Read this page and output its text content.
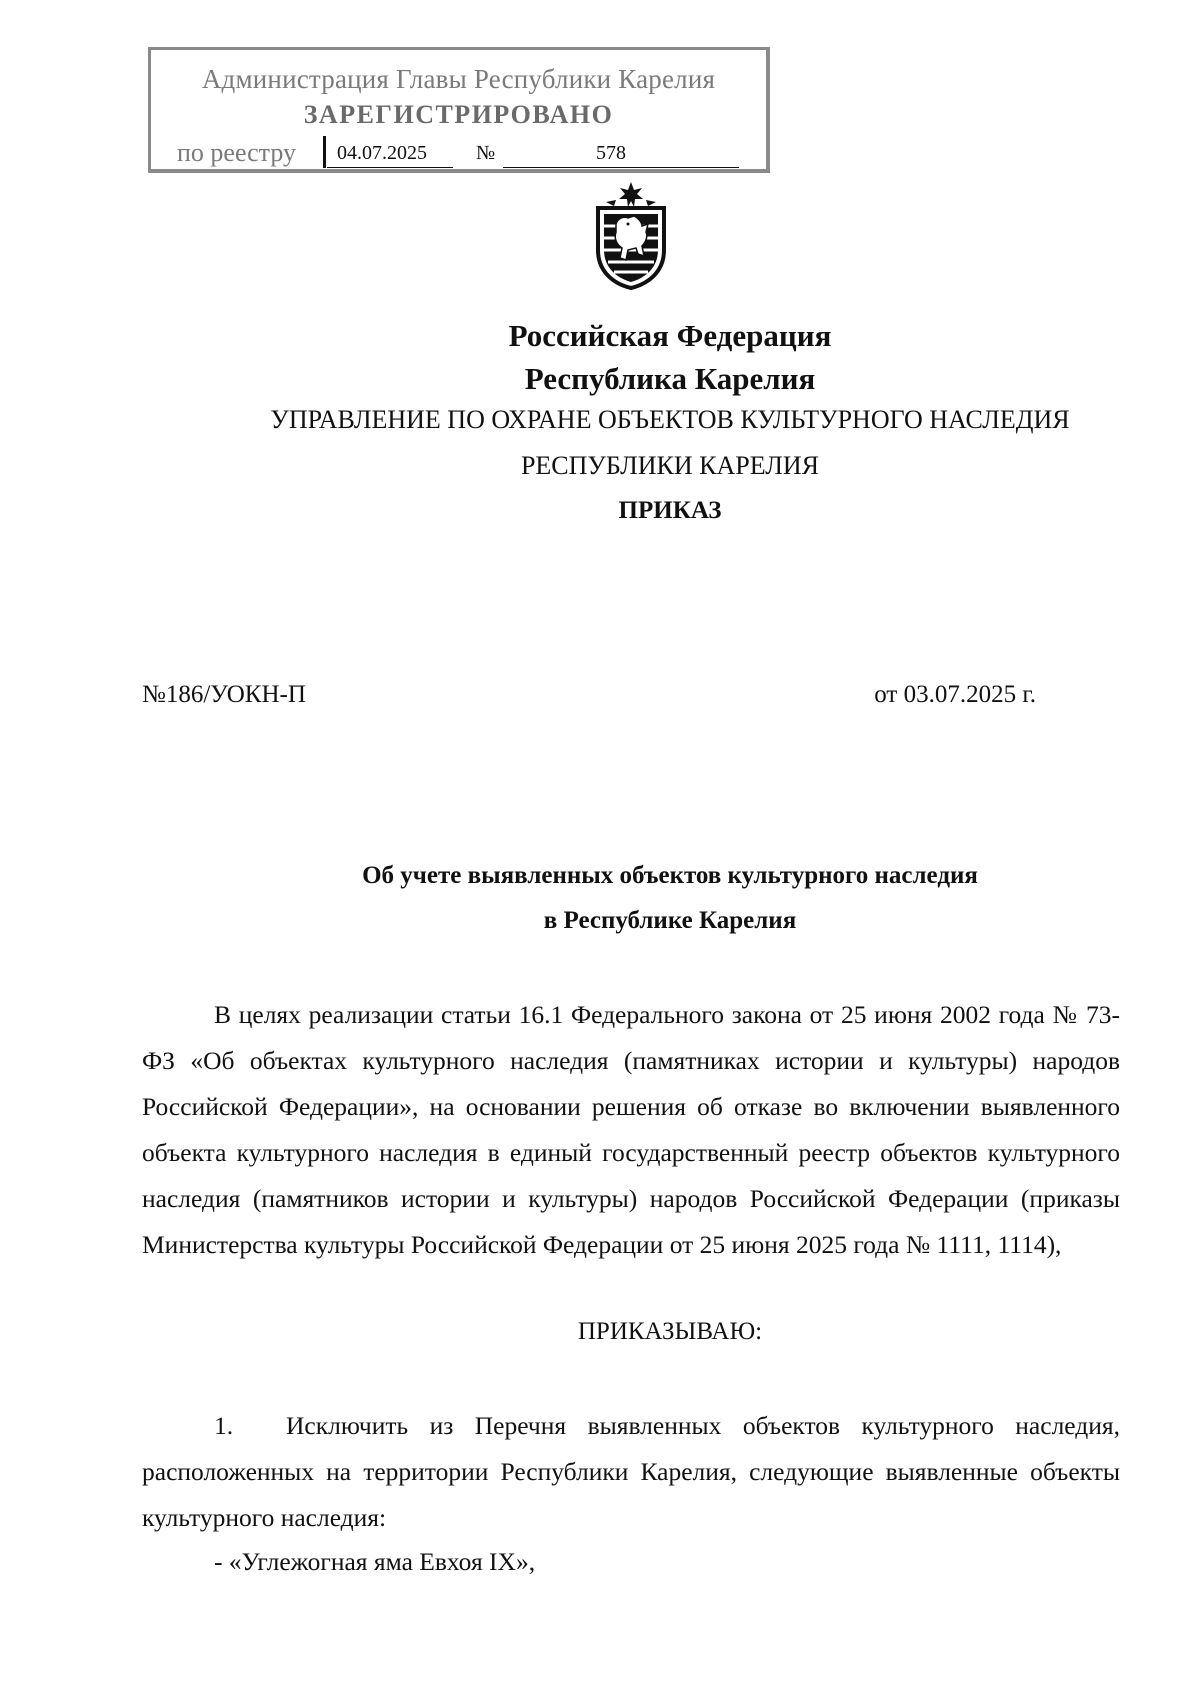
Администрация Главы Республики Карелия
ЗАРЕГИСТРИРОВАНО
по реестру 04.07.2025 №	578
Российская Федерация
Республика Карелия
УПРАВЛЕНИЕ ПО ОХРАНЕ ОБЪЕКТОВ КУЛЬТУРНОГО НАСЛЕДИЯ
РЕСПУБЛИКИ КАРЕЛИЯ
ПРИКАЗ
№186/УОКН-П	от 03.07.2025 г.
Об учете выявленных объектов культурного наследия
в Республике Карелия
В целях реализации статьи 16.1 Федерального закона от 25 июня 2002 года № 73-ФЗ «Об объектах культурного наследия (памятниках истории и культуры) народов Российской Федерации», на основании решения об отказе во включении выявленного объекта культурного наследия в единый государственный реестр объектов культурного наследия (памятников истории и культуры) народов Российской Федерации (приказы Министерства культуры Российской Федерации от 25 июня 2025 года № 1111, 1114),
ПРИКАЗЫВАЮ:
1. Исключить из Перечня выявленных объектов культурного наследия, расположенных на территории Республики Карелия, следующие выявленные объекты культурного наследия:
- «Углежогная яма Евхоя IX»,
